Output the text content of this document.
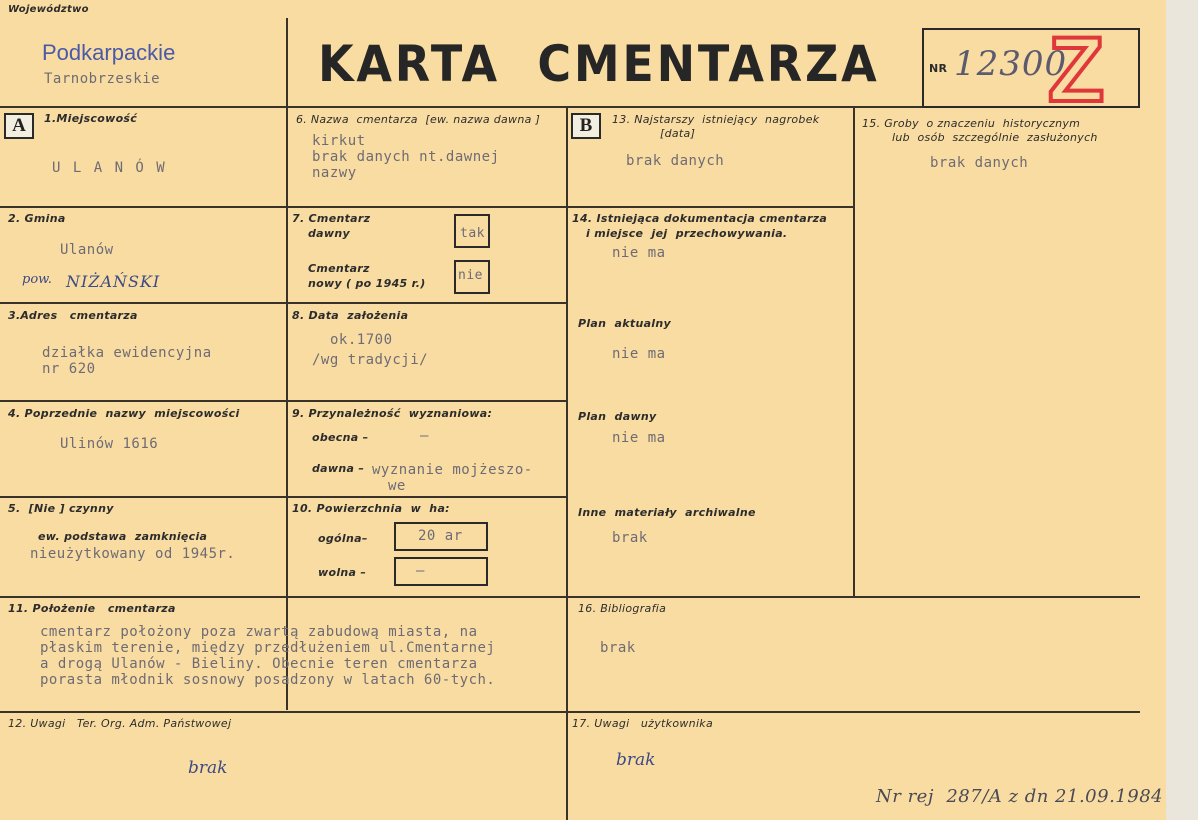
Województwo
Podkarpackie
Tarnobrzeskie	KARTA  CMENTARZA	NR 12300
Z
A	B
1.Miejscowość
U L A N Ó W
2. Gmina
Ulanów
pow. NIŻAŃSKI
3.Adres   cmentarza
działka ewidencyjna
nr 620
4. Poprzednie  nazwy  miejscowości
Ulinów 1616
5.  [Nie ] czynny
ew. podstawa  zamknięcia
nieużytkowany od 1945r.
11. Położenie   cmentarza
cmentarz położony poza zwartą zabudową miasta, na
płaskim terenie, między przedłużeniem ul.Cmentarnej
a drogą Ulanów - Bieliny. Obecnie teren cmentarza
porasta młodnik sosnowy posadzony w latach 60-tych.
12. Uwagi   Ter. Org. Adm. Państwowej
brak
6. Nazwa  cmentarza  [ew. nazwa dawna ]
kirkut
brak danych nt.dawnej
nazwy
7. Cmentarz
dawny	tak
Cmentarz
nowy ( po 1945 r.)
nie
8. Data  założenia
ok.1700
/wg tradycji/
9. Przynależność  wyznaniowa:
obecna –	–
dawna – wyznanie mojżeszo-
we
10. Powierzchnia  w  ha:
ogólna–	20 ar
wolna –	–
13. Najstarszy  istniejący  nagrobek
[data]
brak danych
14. Istniejąca dokumentacja cmentarza
i miejsce  jej  przechowywania.
nie ma
Plan  aktualny
nie ma
Plan  dawny
nie ma
Inne  materiały  archiwalne
brak
16. Bibliografia
brak
17. Uwagi   użytkownika
brak
15. Groby  o znaczeniu  historycznym
lub  osób  szczególnie  zasłużonych
brak danych
Nr rej  287/A z dn 21.09.1984
